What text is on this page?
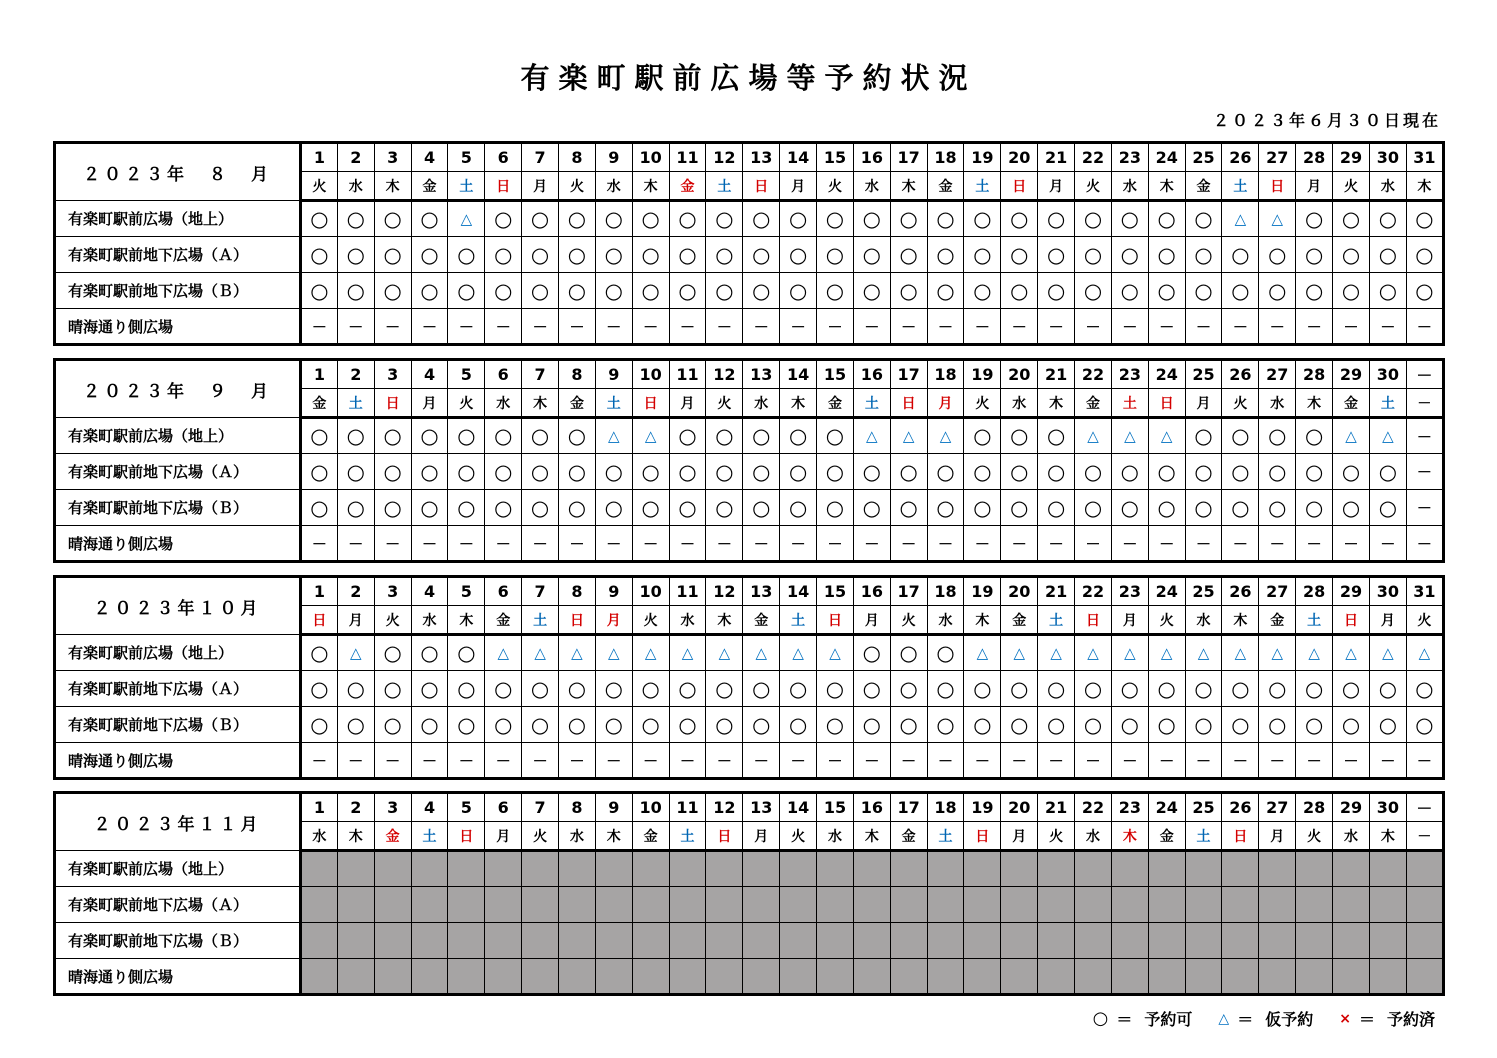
有楽町駅前広場等予約状況
２０２３年６月３０日現在
２０２３年　８　月	1	2	3	4	5	6	7	8	9	10	11	12	13	14	15	16	17	18	19	20	21	22	23	24	25	26	27	28	29	30	31
	火	水	木	金	土	日	月	火	水	木	金	土	日	月	火	水	木	金	土	日	月	火	水	木	金	土	日	月	火	水	木
有楽町駅前広場（地上）	○	○	○	○	△	○	○	○	○	○	○	○	○	○	○	○	○	○	○	○	○	○	○	○	○	△	△	○	○	○	○
有楽町駅前地下広場（Ａ）	○	○	○	○	○	○	○	○	○	○	○	○	○	○	○	○	○	○	○	○	○	○	○	○	○	○	○	○	○	○	○
有楽町駅前地下広場（Ｂ）	○	○	○	○	○	○	○	○	○	○	○	○	○	○	○	○	○	○	○	○	○	○	○	○	○	○	○	○	○	○	○
晴海通り側広場	－	－	－	－	－	－	－	－	－	－	－	－	－	－	－	－	－	－	－	－	－	－	－	－	－	－	－	－	－	－	－
２０２３年　９　月	1	2	3	4	5	6	7	8	9	10	11	12	13	14	15	16	17	18	19	20	21	22	23	24	25	26	27	28	29	30	－
	金	土	日	月	火	水	木	金	土	日	月	火	水	木	金	土	日	月	火	水	木	金	土	日	月	火	水	木	金	土	－
有楽町駅前広場（地上）	○	○	○	○	○	○	○	○	△	△	○	○	○	○	○	△	△	△	○	○	○	△	△	△	○	○	○	○	△	△	－
有楽町駅前地下広場（Ａ）	○	○	○	○	○	○	○	○	○	○	○	○	○	○	○	○	○	○	○	○	○	○	○	○	○	○	○	○	○	○	－
有楽町駅前地下広場（Ｂ）	○	○	○	○	○	○	○	○	○	○	○	○	○	○	○	○	○	○	○	○	○	○	○	○	○	○	○	○	○	○	－
晴海通り側広場	－	－	－	－	－	－	－	－	－	－	－	－	－	－	－	－	－	－	－	－	－	－	－	－	－	－	－	－	－	－	－
２０２３年１０月	1	2	3	4	5	6	7	8	9	10	11	12	13	14	15	16	17	18	19	20	21	22	23	24	25	26	27	28	29	30	31
	日	月	火	水	木	金	土	日	月	火	水	木	金	土	日	月	火	水	木	金	土	日	月	火	水	木	金	土	日	月	火
有楽町駅前広場（地上）	○	△	○	○	○	△	△	△	△	△	△	△	△	△	△	○	○	○	△	△	△	△	△	△	△	△	△	△	△	△	△
有楽町駅前地下広場（Ａ）	○	○	○	○	○	○	○	○	○	○	○	○	○	○	○	○	○	○	○	○	○	○	○	○	○	○	○	○	○	○	○
有楽町駅前地下広場（Ｂ）	○	○	○	○	○	○	○	○	○	○	○	○	○	○	○	○	○	○	○	○	○	○	○	○	○	○	○	○	○	○	○
晴海通り側広場	－	－	－	－	－	－	－	－	－	－	－	－	－	－	－	－	－	－	－	－	－	－	－	－	－	－	－	－	－	－	－
２０２３年１１月	1	2	3	4	5	6	7	8	9	10	11	12	13	14	15	16	17	18	19	20	21	22	23	24	25	26	27	28	29	30	－
	水	木	金	土	日	月	火	水	木	金	土	日	月	火	水	木	金	土	日	月	火	水	木	金	土	日	月	火	水	木	－
有楽町駅前広場（地上）																															
有楽町駅前地下広場（Ａ）																															
有楽町駅前地下広場（Ｂ）																															
晴海通り側広場																															
○ ＝ 予約可 △ ＝ 仮予約 × ＝ 予約済
